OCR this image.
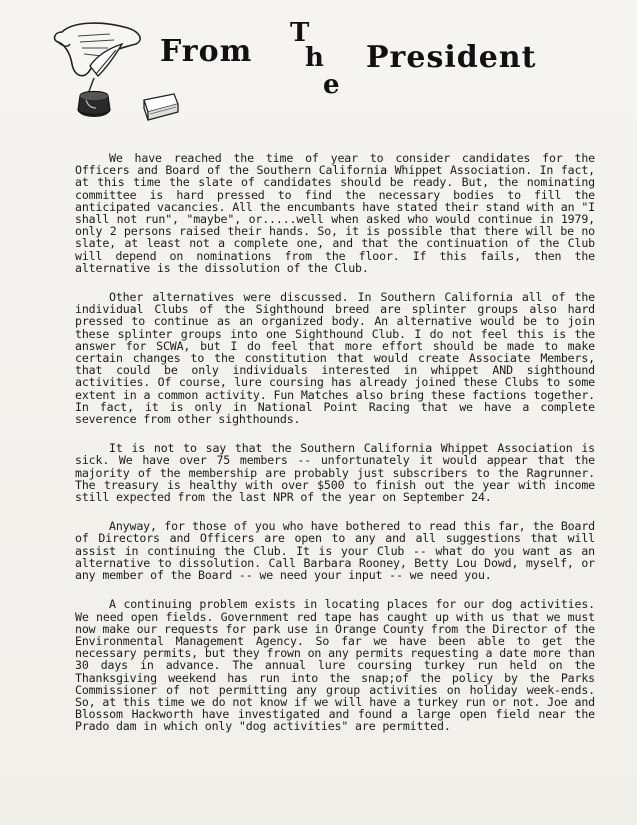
From
T
h
e
President

We have reached the time of year to consider candidates for the Officers and Board of the Southern California Whippet Association. In fact, at this time the slate of candidates should be ready. But, the nominating committee is hard pressed to find the necessary bodies to fill the anticipated vacancies. All the encumbants have stated their stand with an "I shall not run", "maybe", or.....well when asked who would continue in 1979, only 2 persons raised their hands. So, it is possible that there will be no slate, at least not a complete one, and that the continuation of the Club will depend on nominations from the floor. If this fails, then the alternative is the dissolution of the Club.

Other alternatives were discussed. In Southern California all of the individual Clubs of the Sighthound breed are splinter groups also hard pressed to continue as an organized body. An alternative would be to join these splinter groups into one Sighthound Club. I do not feel this is the answer for SCWA, but I do feel that more effort should be made to make certain changes to the constitution that would create Associate Members, that could be only individuals interested in whippet AND sighthound activities. Of course, lure coursing has already joined these Clubs to some extent in a common activity. Fun Matches also bring these factions together. In fact, it is only in National Point Racing that we have a complete severence from other sighthounds.

It is not to say that the Southern California Whippet Association is sick. We have over 75 members -- unfortunately it would appear that the majority of the membership are probably just subscribers to the Ragrunner. The treasury is healthy with over $500 to finish out the year with income still expected from the last NPR of the year on September 24.

Anyway, for those of you who have bothered to read this far, the Board of Directors and Officers are open to any and all suggestions that will assist in continuing the Club. It is your Club -- what do you want as an alternative to dissolution. Call Barbara Rooney, Betty Lou Dowd, myself, or any member of the Board -- we need your input -- we need you.

A continuing problem exists in locating places for our dog activities. We need open fields. Government red tape has caught up with us that we must now make our requests for park use in Orange County from the Director of the Environmental Management Agency. So far we have been able to get the necessary permits, but they frown on any permits requesting a date more than 30 days in advance. The annual lure coursing turkey run held on the Thanksgiving weekend has run into the snap;of the policy by the Parks Commissioner of not permitting any group activities on holiday week-ends. So, at this time we do not know if we will have a turkey run or not. Joe and Blossom Hackworth have investigated and found a large open field near the Prado dam in which only "dog activities" are permitted.
